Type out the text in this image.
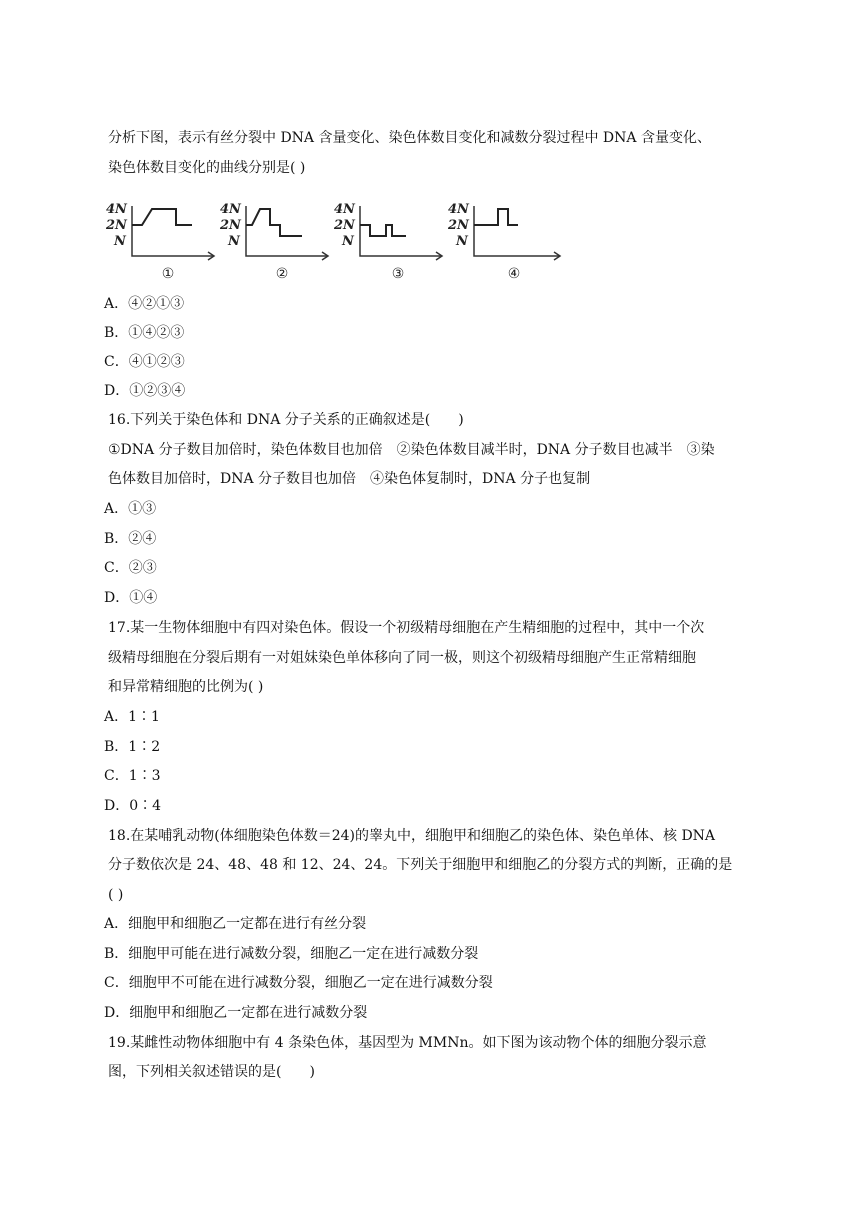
分析下图，表示有丝分裂中 DNA 含量变化、染色体数目变化和减数分裂过程中 DNA 含量变化、
染色体数目变化的曲线分别是( )
4N
2N
N
①
4N
2N
N
②
4N
2N
N
③
4N
2N
N
④
A．④②①③
B．①④②③
C．④①②③
D．①②③④
16.下列关于染色体和 DNA 分子关系的正确叙述是(　　)
①DNA 分子数目加倍时，染色体数目也加倍　②染色体数目减半时，DNA 分子数目也减半　③染
色体数目加倍时，DNA 分子数目也加倍　④染色体复制时，DNA 分子也复制
A．①③
B．②④
C．②③
D．①④
17.某一生物体细胞中有四对染色体。假设一个初级精母细胞在产生精细胞的过程中，其中一个次
级精母细胞在分裂后期有一对姐妹染色单体移向了同一极，则这个初级精母细胞产生正常精细胞
和异常精细胞的比例为( )
A．1∶1
B．1∶2
C．1∶3
D．0∶4
18.在某哺乳动物(体细胞染色体数＝24)的睾丸中，细胞甲和细胞乙的染色体、染色单体、核 DNA
分子数依次是 24、48、48 和 12、24、24。下列关于细胞甲和细胞乙的分裂方式的判断，正确的是
( )
A．细胞甲和细胞乙一定都在进行有丝分裂
B．细胞甲可能在进行减数分裂，细胞乙一定在进行减数分裂
C．细胞甲不可能在进行减数分裂，细胞乙一定在进行减数分裂
D．细胞甲和细胞乙一定都在进行减数分裂
19.某雌性动物体细胞中有 4 条染色体，基因型为 MMNn。如下图为该动物个体的细胞分裂示意
图，下列相关叙述错误的是(　　)
